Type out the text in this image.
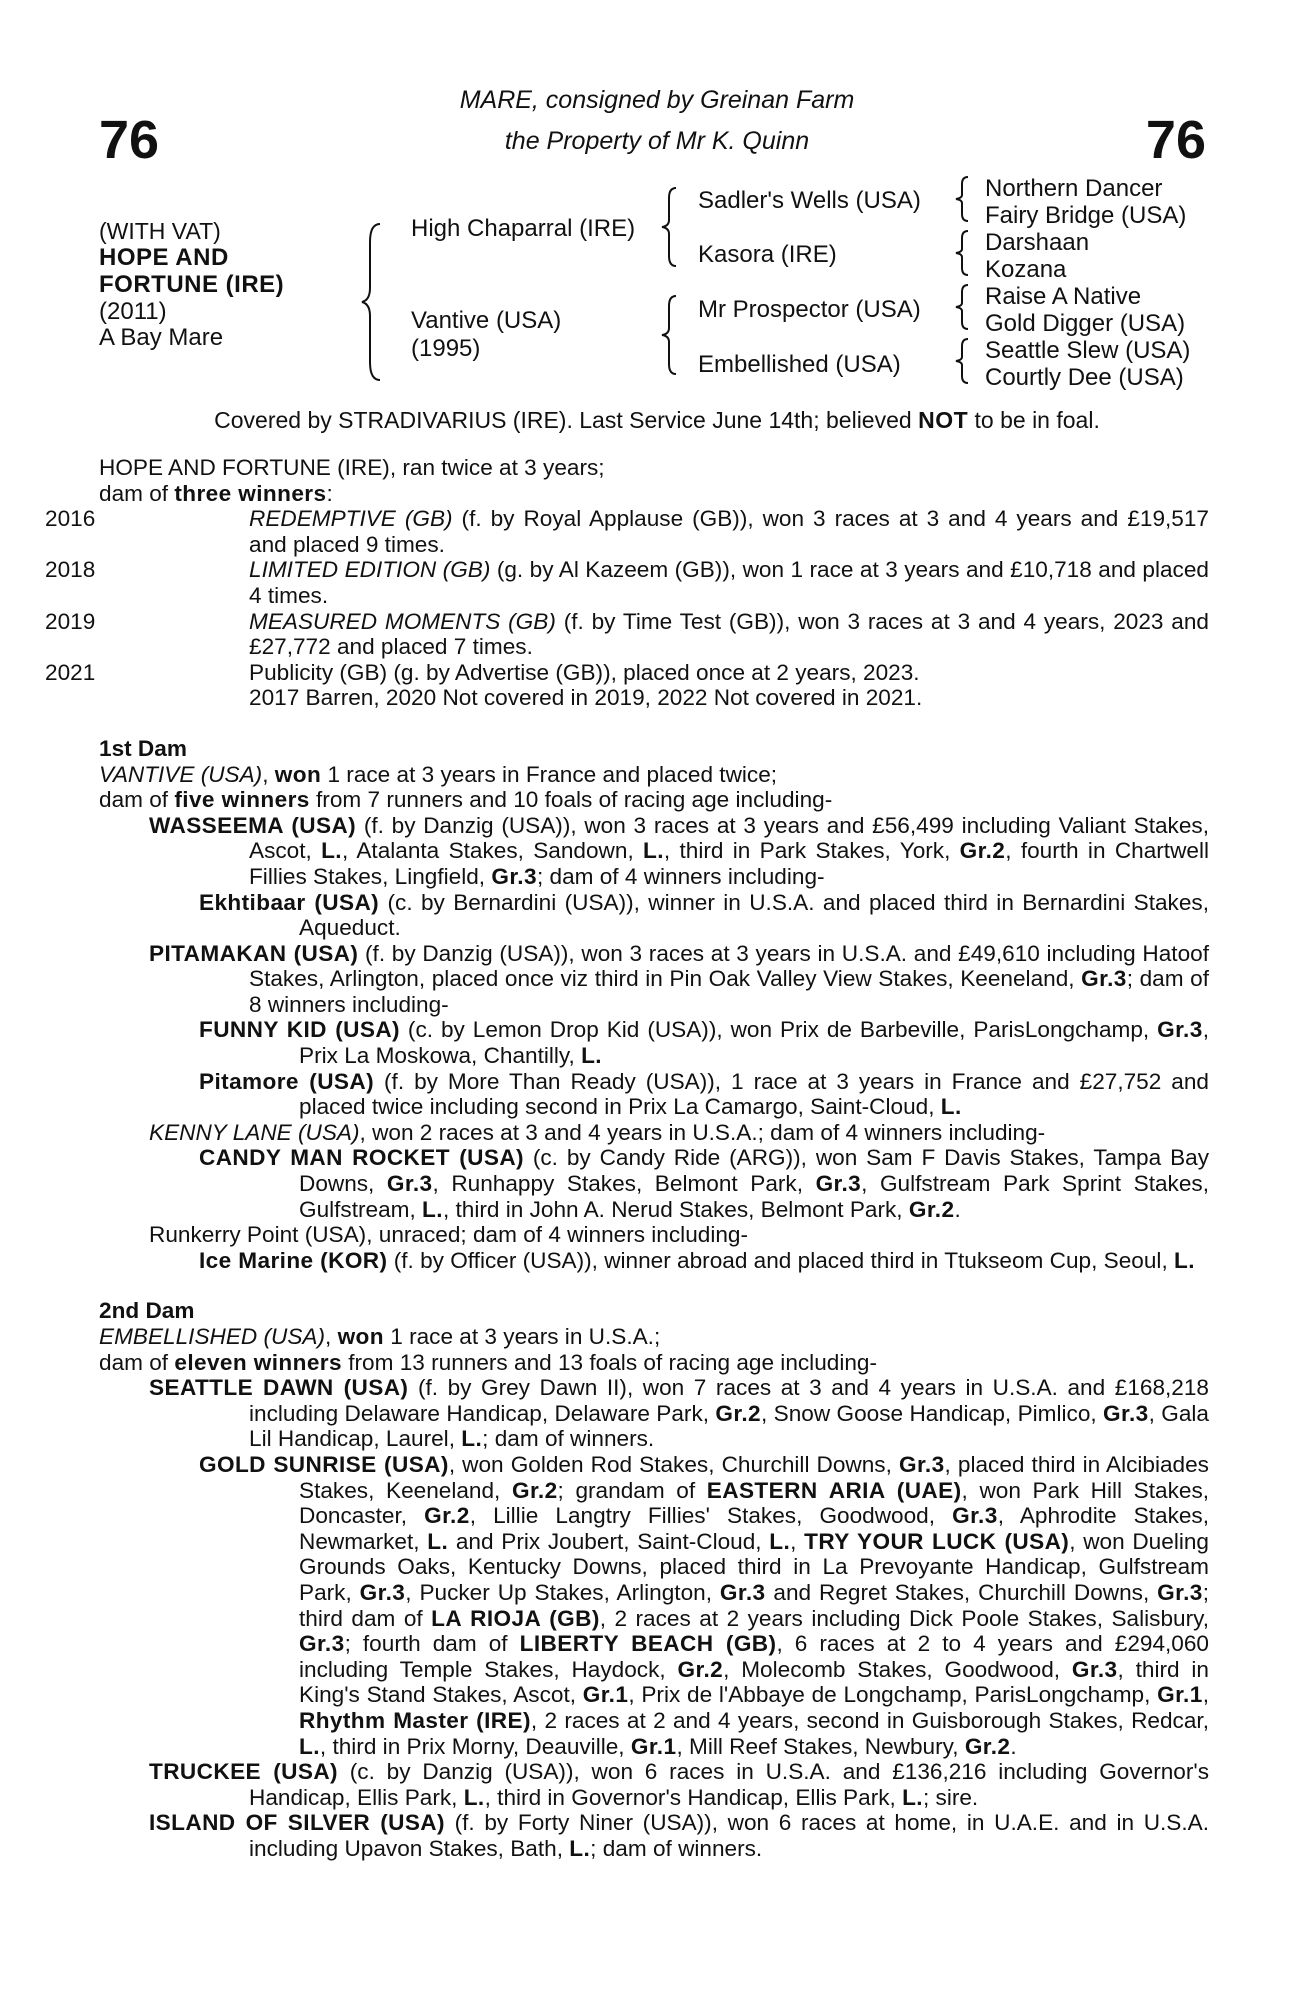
76	76
MARE, consigned by Greinan Farm
the Property of Mr K. Quinn
(WITH VAT)
HOPE AND
FORTUNE (IRE)
(2011)
A Bay Mare
High Chaparral (IRE)
Vantive (USA)
(1995)
Sadler's Wells (USA)
Kasora (IRE)
Mr Prospector (USA)
Embellished (USA)
Northern Dancer
Fairy Bridge (USA)
Darshaan
Kozana
Raise A Native
Gold Digger (USA)
Seattle Slew (USA)
Courtly Dee (USA)
Covered by STRADIVARIUS (IRE). Last Service June 14th; believed NOT to be in foal.

HOPE AND FORTUNE (IRE), ran twice at 3 years;

dam of three winners:

2016	REDEMPTIVE (GB) (f. by Royal Applause (GB)), won 3 races at 3 and 4 years and £19,517 and placed 9 times.

2018	LIMITED EDITION (GB) (g. by Al Kazeem (GB)), won 1 race at 3 years and £10,718 and placed 4 times.

2019	MEASURED MOMENTS (GB) (f. by Time Test (GB)), won 3 races at 3 and 4 years, 2023 and £27,772 and placed 7 times.

2021	Publicity (GB) (g. by Advertise (GB)), placed once at 2 years, 2023.

2017 Barren, 2020 Not covered in 2019, 2022 Not covered in 2021.

1st Dam

VANTIVE (USA), won 1 race at 3 years in France and placed twice;

dam of five winners from 7 runners and 10 foals of racing age including-

WASSEEMA (USA) (f. by Danzig (USA)), won 3 races at 3 years and £56,499 including Valiant Stakes, Ascot, L., Atalanta Stakes, Sandown, L., third in Park Stakes, York, Gr.2, fourth in Chartwell Fillies Stakes, Lingfield, Gr.3; dam of 4 winners including-

Ekhtibaar (USA) (c. by Bernardini (USA)), winner in U.S.A. and placed third in Bernardini Stakes, Aqueduct.

PITAMAKAN (USA) (f. by Danzig (USA)), won 3 races at 3 years in U.S.A. and £49,610 including Hatoof Stakes, Arlington, placed once viz third in Pin Oak Valley View Stakes, Keeneland, Gr.3; dam of 8 winners including-

FUNNY KID (USA) (c. by Lemon Drop Kid (USA)), won Prix de Barbeville, ParisLongchamp, Gr.3, Prix La Moskowa, Chantilly, L.

Pitamore (USA) (f. by More Than Ready (USA)), 1 race at 3 years in France and £27,752 and placed twice including second in Prix La Camargo, Saint-Cloud, L.

KENNY LANE (USA), won 2 races at 3 and 4 years in U.S.A.; dam of 4 winners including-

CANDY MAN ROCKET (USA) (c. by Candy Ride (ARG)), won Sam F Davis Stakes, Tampa Bay Downs, Gr.3, Runhappy Stakes, Belmont Park, Gr.3, Gulfstream Park Sprint Stakes, Gulfstream, L., third in John A. Nerud Stakes, Belmont Park, Gr.2.

Runkerry Point (USA), unraced; dam of 4 winners including-

Ice Marine (KOR) (f. by Officer (USA)), winner abroad and placed third in Ttukseom Cup, Seoul, L.

2nd Dam

EMBELLISHED (USA), won 1 race at 3 years in U.S.A.;

dam of eleven winners from 13 runners and 13 foals of racing age including-

SEATTLE DAWN (USA) (f. by Grey Dawn II), won 7 races at 3 and 4 years in U.S.A. and £168,218 including Delaware Handicap, Delaware Park, Gr.2, Snow Goose Handicap, Pimlico, Gr.3, Gala Lil Handicap, Laurel, L.; dam of winners.

GOLD SUNRISE (USA), won Golden Rod Stakes, Churchill Downs, Gr.3, placed third in Alcibiades Stakes, Keeneland, Gr.2; grandam of EASTERN ARIA (UAE), won Park Hill Stakes, Doncaster, Gr.2, Lillie Langtry Fillies' Stakes, Goodwood, Gr.3, Aphrodite Stakes, Newmarket, L. and Prix Joubert, Saint-Cloud, L., TRY YOUR LUCK (USA), won Dueling Grounds Oaks, Kentucky Downs, placed third in La Prevoyante Handicap, Gulfstream Park, Gr.3, Pucker Up Stakes, Arlington, Gr.3 and Regret Stakes, Churchill Downs, Gr.3; third dam of LA RIOJA (GB), 2 races at 2 years including Dick Poole Stakes, Salisbury, Gr.3; fourth dam of LIBERTY BEACH (GB), 6 races at 2 to 4 years and £294,060 including Temple Stakes, Haydock, Gr.2, Molecomb Stakes, Goodwood, Gr.3, third in King's Stand Stakes, Ascot, Gr.1, Prix de l'Abbaye de Longchamp, ParisLongchamp, Gr.1, Rhythm Master (IRE), 2 races at 2 and 4 years, second in Guisborough Stakes, Redcar, L., third in Prix Morny, Deauville, Gr.1, Mill Reef Stakes, Newbury, Gr.2.

TRUCKEE (USA) (c. by Danzig (USA)), won 6 races in U.S.A. and £136,216 including Governor's Handicap, Ellis Park, L., third in Governor's Handicap, Ellis Park, L.; sire.

ISLAND OF SILVER (USA) (f. by Forty Niner (USA)), won 6 races at home, in U.A.E. and in U.S.A. including Upavon Stakes, Bath, L.; dam of winners.
